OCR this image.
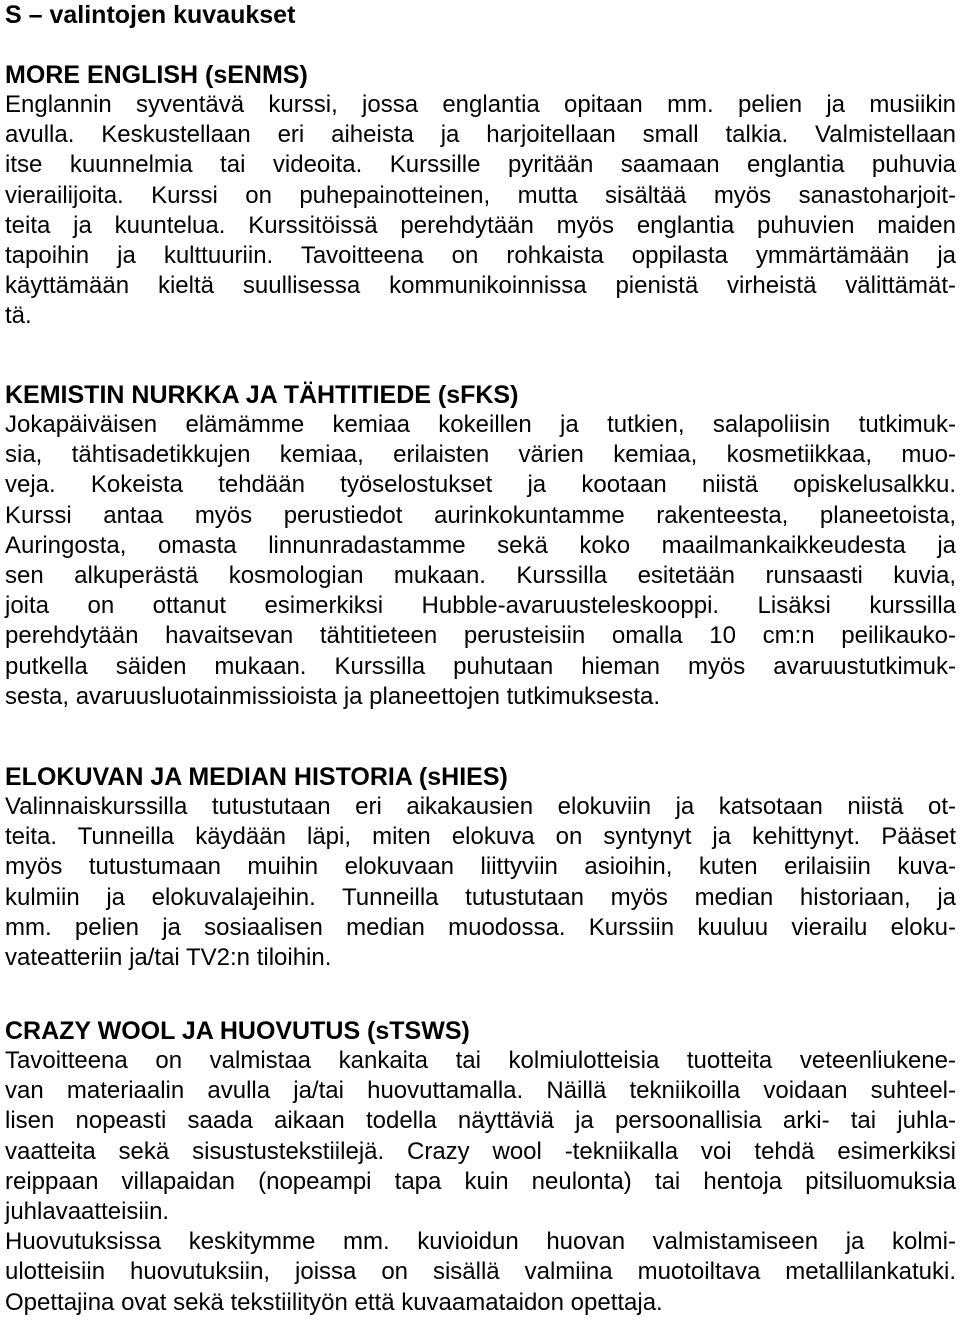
S – valintojen kuvaukset
MORE ENGLISH (sENMS)
Englannin syventävä kurssi, jossa englantia opitaan mm. pelien ja musiikin
avulla. Keskustellaan eri aiheista ja harjoitellaan small talkia. Valmistellaan
itse kuunnelmia tai videoita. Kurssille pyritään saamaan englantia puhuvia
vierailijoita. Kurssi on puhepainotteinen, mutta sisältää myös sanastoharjoit-
teita ja kuuntelua. Kurssitöissä perehdytään myös englantia puhuvien maiden
tapoihin ja kulttuuriin. Tavoitteena on rohkaista oppilasta ymmärtämään ja
käyttämään kieltä suullisessa kommunikoinnissa pienistä virheistä välittämät-
tä.
KEMISTIN NURKKA JA TÄHTITIEDE (sFKS)
Jokapäiväisen elämämme kemiaa kokeillen ja tutkien, salapoliisin tutkimuk-
sia, tähtisadetikkujen kemiaa, erilaisten värien kemiaa, kosmetiikkaa, muo-
veja. Kokeista tehdään työselostukset ja kootaan niistä opiskelusalkku.
Kurssi antaa myös perustiedot aurinkokuntamme rakenteesta, planeetoista,
Auringosta, omasta linnunradastamme sekä koko maailmankaikkeudesta ja
sen alkuperästä kosmologian mukaan. Kurssilla esitetään runsaasti kuvia,
joita on ottanut esimerkiksi Hubble-avaruusteleskooppi. Lisäksi kurssilla
perehdytään havaitsevan tähtitieteen perusteisiin omalla 10 cm:n peilikauko-
putkella säiden mukaan. Kurssilla puhutaan hieman myös avaruustutkimuk-
sesta, avaruusluotainmissioista ja planeettojen tutkimuksesta.
ELOKUVAN JA MEDIAN HISTORIA (sHIES)
Valinnaiskurssilla tutustutaan eri aikakausien elokuviin ja katsotaan niistä ot-
teita. Tunneilla käydään läpi, miten elokuva on syntynyt ja kehittynyt. Pääset
myös tutustumaan muihin elokuvaan liittyviin asioihin, kuten erilaisiin kuva-
kulmiin ja elokuvalajeihin. Tunneilla tutustutaan myös median historiaan, ja
mm. pelien ja sosiaalisen median muodossa. Kurssiin kuuluu vierailu eloku-
vateatteriin ja/tai TV2:n tiloihin.
CRAZY WOOL JA HUOVUTUS (sTSWS)
Tavoitteena on valmistaa kankaita tai kolmiulotteisia tuotteita veteenliukene-
van materiaalin avulla ja/tai huovuttamalla. Näillä tekniikoilla voidaan suhteel-
lisen nopeasti saada aikaan todella näyttäviä ja persoonallisia arki- tai juhla-
vaatteita sekä sisustustekstiilejä. Crazy wool -tekniikalla voi tehdä esimerkiksi
reippaan villapaidan (nopeampi tapa kuin neulonta) tai hentoja pitsiluomuksia
juhlavaatteisiin.
Huovutuksissa keskitymme mm. kuvioidun huovan valmistamiseen ja kolmi-
ulotteisiin huovutuksiin, joissa on sisällä valmiina muotoiltava metallilankatuki.
Opettajina ovat sekä tekstiilityön että kuvaamataidon opettaja.
